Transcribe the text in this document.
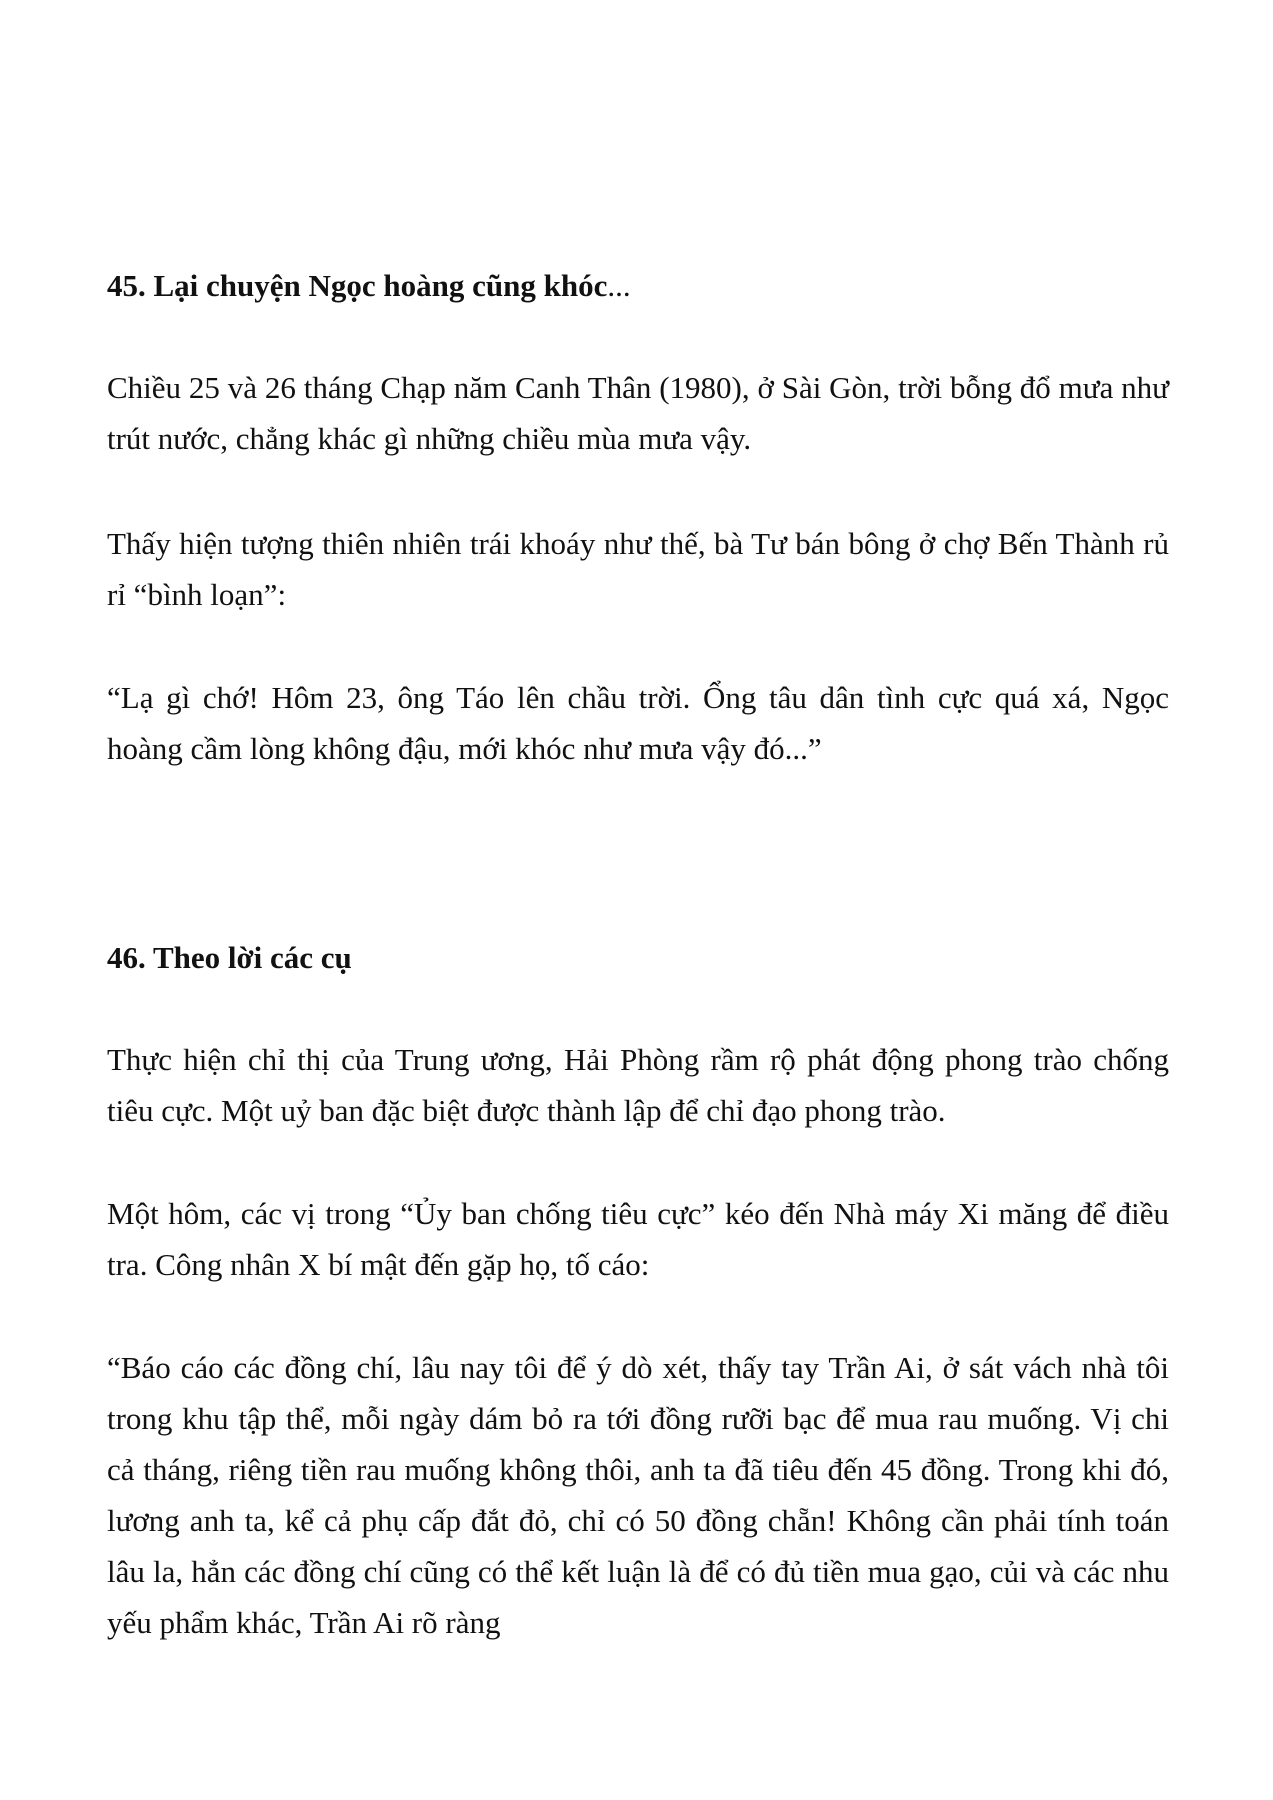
45. Lại chuyện Ngọc hoàng cũng khóc...

Chiều 25 và 26 tháng Chạp năm Canh Thân (1980), ở Sài Gòn, trời bỗng đổ mưa như trút nước, chẳng khác gì những chiều mùa mưa vậy.

Thấy hiện tượng thiên nhiên trái khoáy như thế, bà Tư bán bông ở chợ Bến Thành rủ rỉ “bình loạn”:

“Lạ gì chớ! Hôm 23, ông Táo lên chầu trời. Ổng tâu dân tình cực quá xá, Ngọc hoàng cầm lòng không đậu, mới khóc như mưa vậy đó...”

46. Theo lời các cụ

Thực hiện chỉ thị của Trung ương, Hải Phòng rầm rộ phát động phong trào chống tiêu cực. Một uỷ ban đặc biệt được thành lập để chỉ đạo phong trào.

Một hôm, các vị trong “Ủy ban chống tiêu cực” kéo đến Nhà máy Xi măng để điều tra. Công nhân X bí mật đến gặp họ, tố cáo:

“Báo cáo các đồng chí, lâu nay tôi để ý dò xét, thấy tay Trần Ai, ở sát vách nhà tôi trong khu tập thể, mỗi ngày dám bỏ ra tới đồng rưỡi bạc để mua rau muống. Vị chi cả tháng, riêng tiền rau muống không thôi, anh ta đã tiêu đến 45 đồng. Trong khi đó, lương anh ta, kể cả phụ cấp đắt đỏ, chỉ có 50 đồng chẵn! Không cần phải tính toán lâu la, hẳn các đồng chí cũng có thể kết luận là để có đủ tiền mua gạo, củi và các nhu yếu phẩm khác, Trần Ai rõ ràng
